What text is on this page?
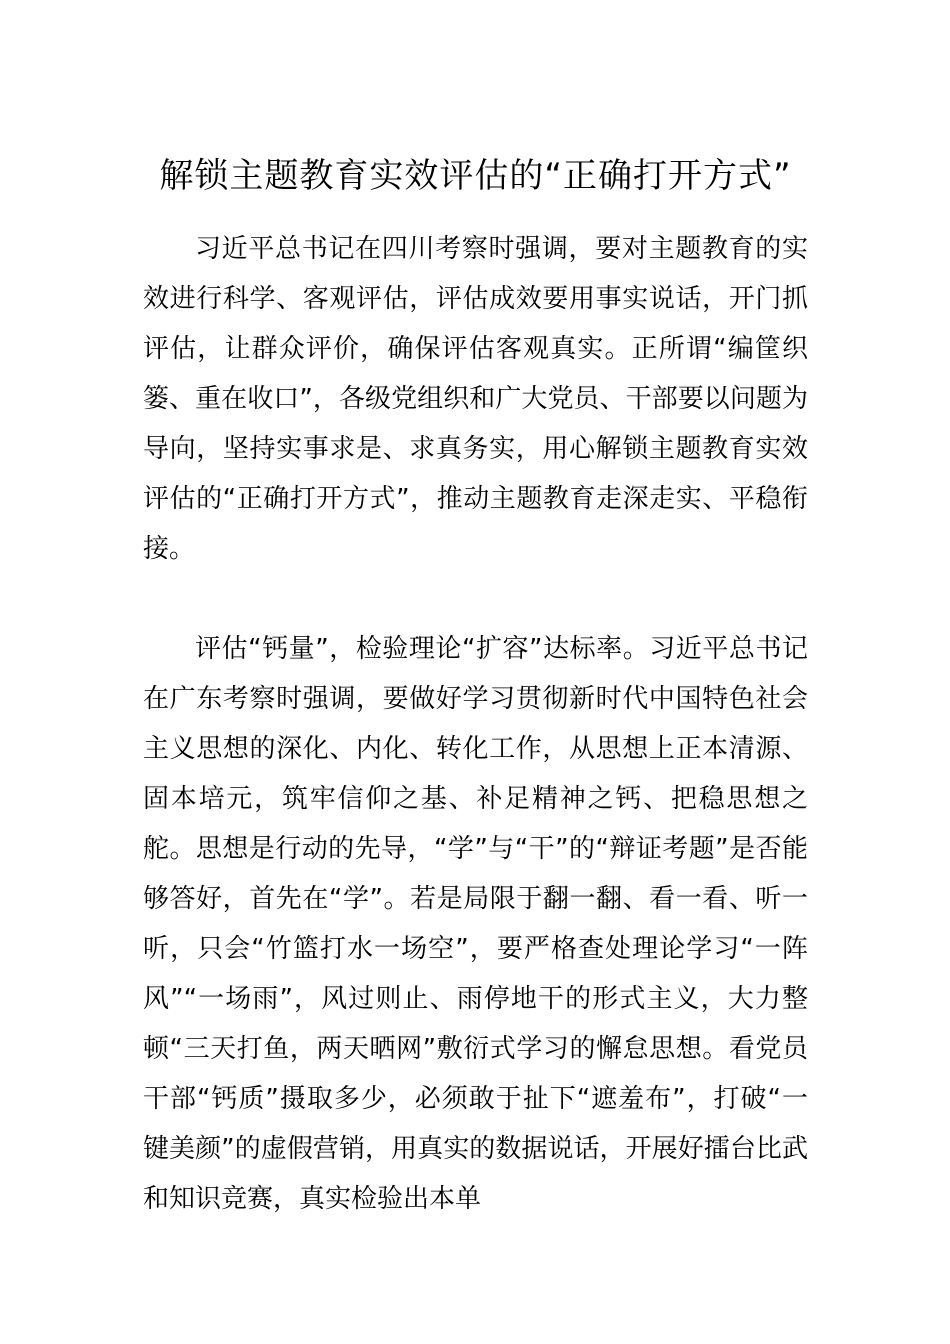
解锁主题教育实效评估的“正确打开方式”

习近平总书记在四川考察时强调，要对主题教育的实效进行科学、客观评估，评估成效要用事实说话，开门抓评估，让群众评价，确保评估客观真实。正所谓“编筐织篓、重在收口”，各级党组织和广大党员、干部要以问题为导向，坚持实事求是、求真务实，用心解锁主题教育实效评估的“正确打开方式”，推动主题教育走深走实、平稳衔接。

评估“钙量”，检验理论“扩容”达标率。习近平总书记在广东考察时强调，要做好学习贯彻新时代中国特色社会主义思想的深化、内化、转化工作，从思想上正本清源、固本培元，筑牢信仰之基、补足精神之钙、把稳思想之舵。思想是行动的先导，“学”与“干”的“辩证考题”是否能够答好，首先在“学”。若是局限于翻一翻、看一看、听一听，只会“竹篮打水一场空”，要严格查处理论学习“一阵风”“一场雨”，风过则止、雨停地干的形式主义，大力整顿“三天打鱼，两天晒网”敷衍式学习的懈怠思想。看党员干部“钙质”摄取多少，必须敢于扯下“遮羞布”，打破“一键美颜”的虚假营销，用真实的数据说话，开展好擂台比武和知识竞赛，真实检验出本单
